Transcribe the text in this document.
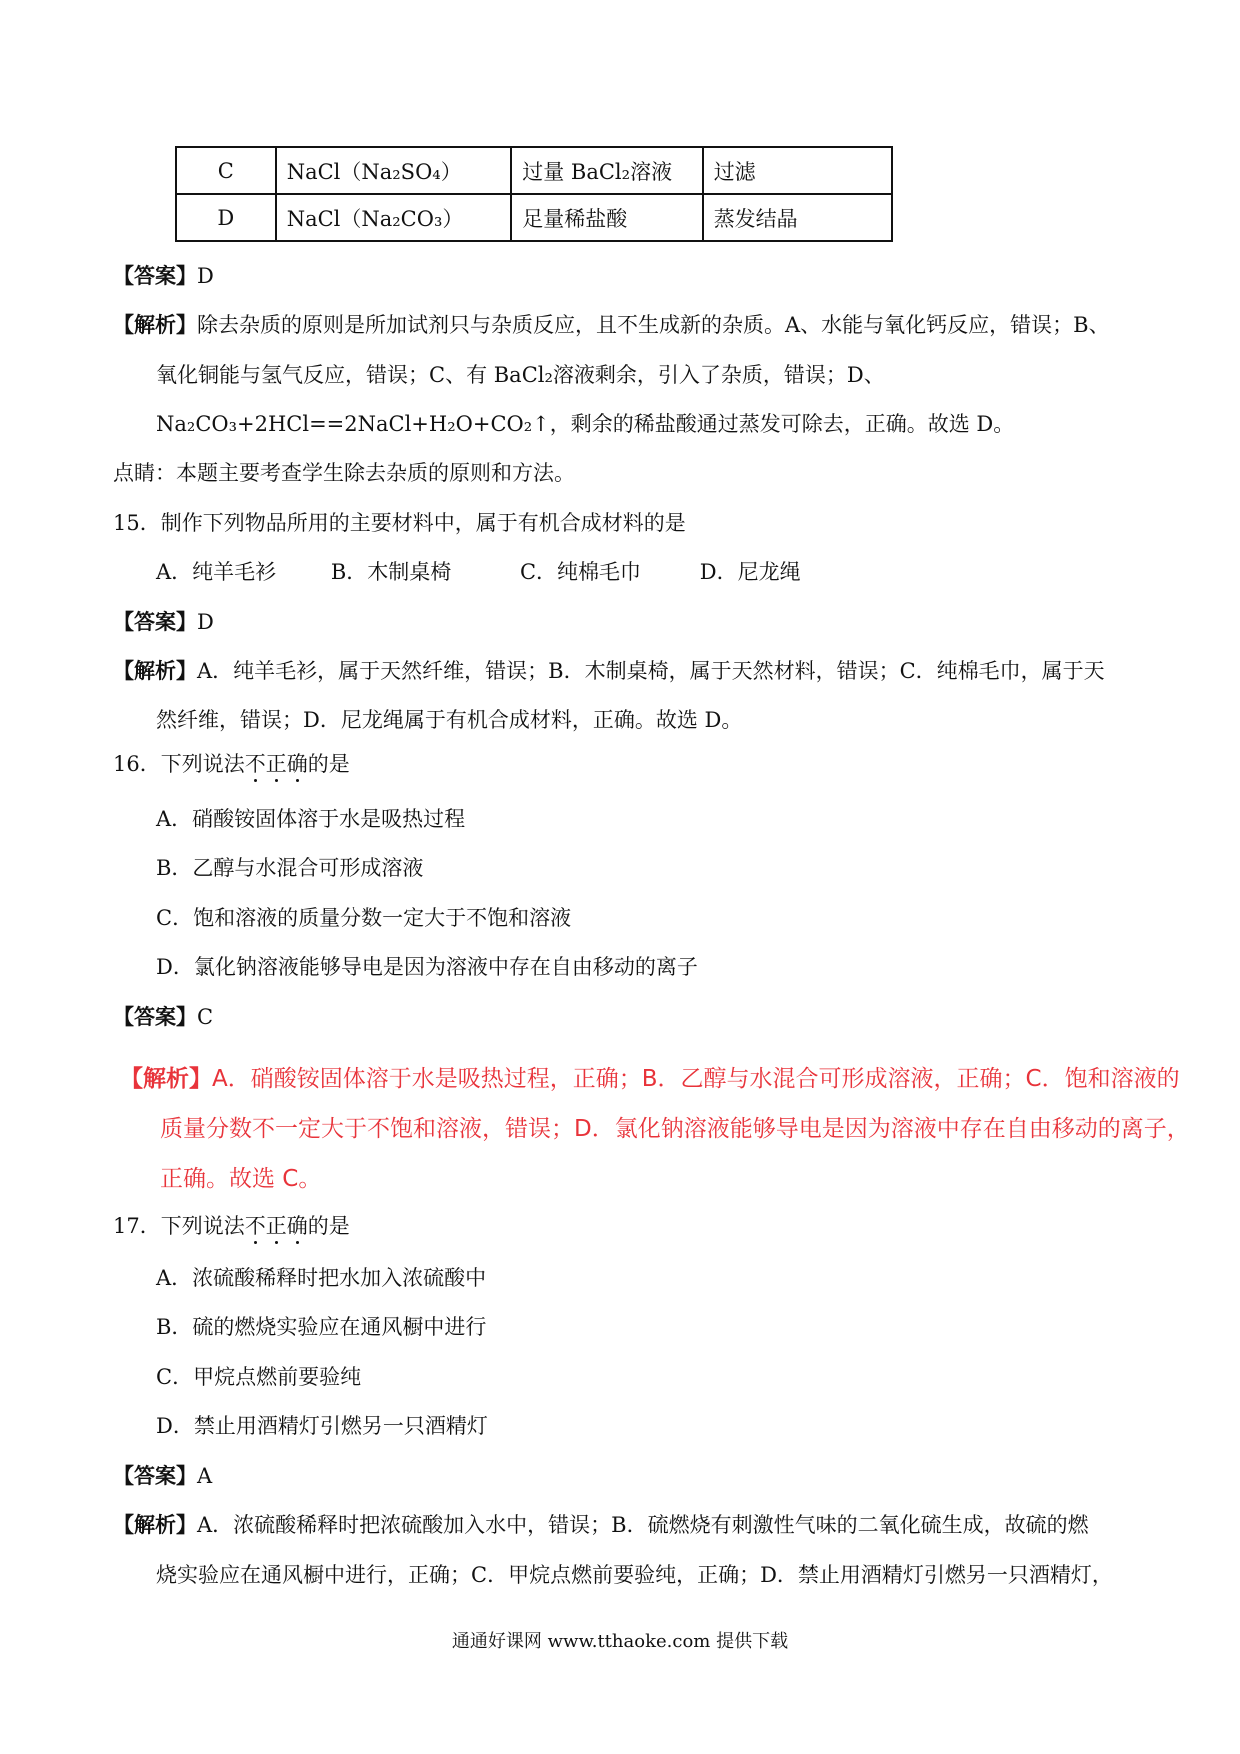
C	NaCl（Na₂SO₄）	过量 BaCl₂溶液	过滤
D	NaCl（Na₂CO₃）	足量稀盐酸	蒸发结晶
【答案】D
【解析】除去杂质的原则是所加试剂只与杂质反应，且不生成新的杂质。A、水能与氧化钙反应，错误；B、
氧化铜能与氢气反应，错误；C、有 BaCl₂溶液剩余，引入了杂质，错误；D、
Na₂CO₃+2HCl==2NaCl+H₂O+CO₂↑，剩余的稀盐酸通过蒸发可除去，正确。故选 D。
点睛：本题主要考查学生除去杂质的原则和方法。
15．制作下列物品所用的主要材料中，属于有机合成材料的是
A．纯羊毛衫	B．木制桌椅	C．纯棉毛巾	D．尼龙绳
【答案】D
【解析】A．纯羊毛衫，属于天然纤维，错误；B．木制桌椅，属于天然材料，错误；C．纯棉毛巾，属于天
然纤维，错误；D．尼龙绳属于有机合成材料，正确。故选 D。
16．下列说法不正确的是
A．硝酸铵固体溶于水是吸热过程
B．乙醇与水混合可形成溶液
C．饱和溶液的质量分数一定大于不饱和溶液
D．氯化钠溶液能够导电是因为溶液中存在自由移动的离子
【答案】C
【解析】A．硝酸铵固体溶于水是吸热过程，正确；B．乙醇与水混合可形成溶液，正确；C．饱和溶液的
质量分数不一定大于不饱和溶液，错误；D．氯化钠溶液能够导电是因为溶液中存在自由移动的离子，
正确。故选 C。
17．下列说法不正确的是
A．浓硫酸稀释时把水加入浓硫酸中
B．硫的燃烧实验应在通风橱中进行
C．甲烷点燃前要验纯
D．禁止用酒精灯引燃另一只酒精灯
【答案】A
【解析】A．浓硫酸稀释时把浓硫酸加入水中，错误；B．硫燃烧有刺激性气味的二氧化硫生成，故硫的燃
烧实验应在通风橱中进行，正确；C．甲烷点燃前要验纯，正确；D．禁止用酒精灯引燃另一只酒精灯，
通通好课网 www.tthaoke.com 提供下载
